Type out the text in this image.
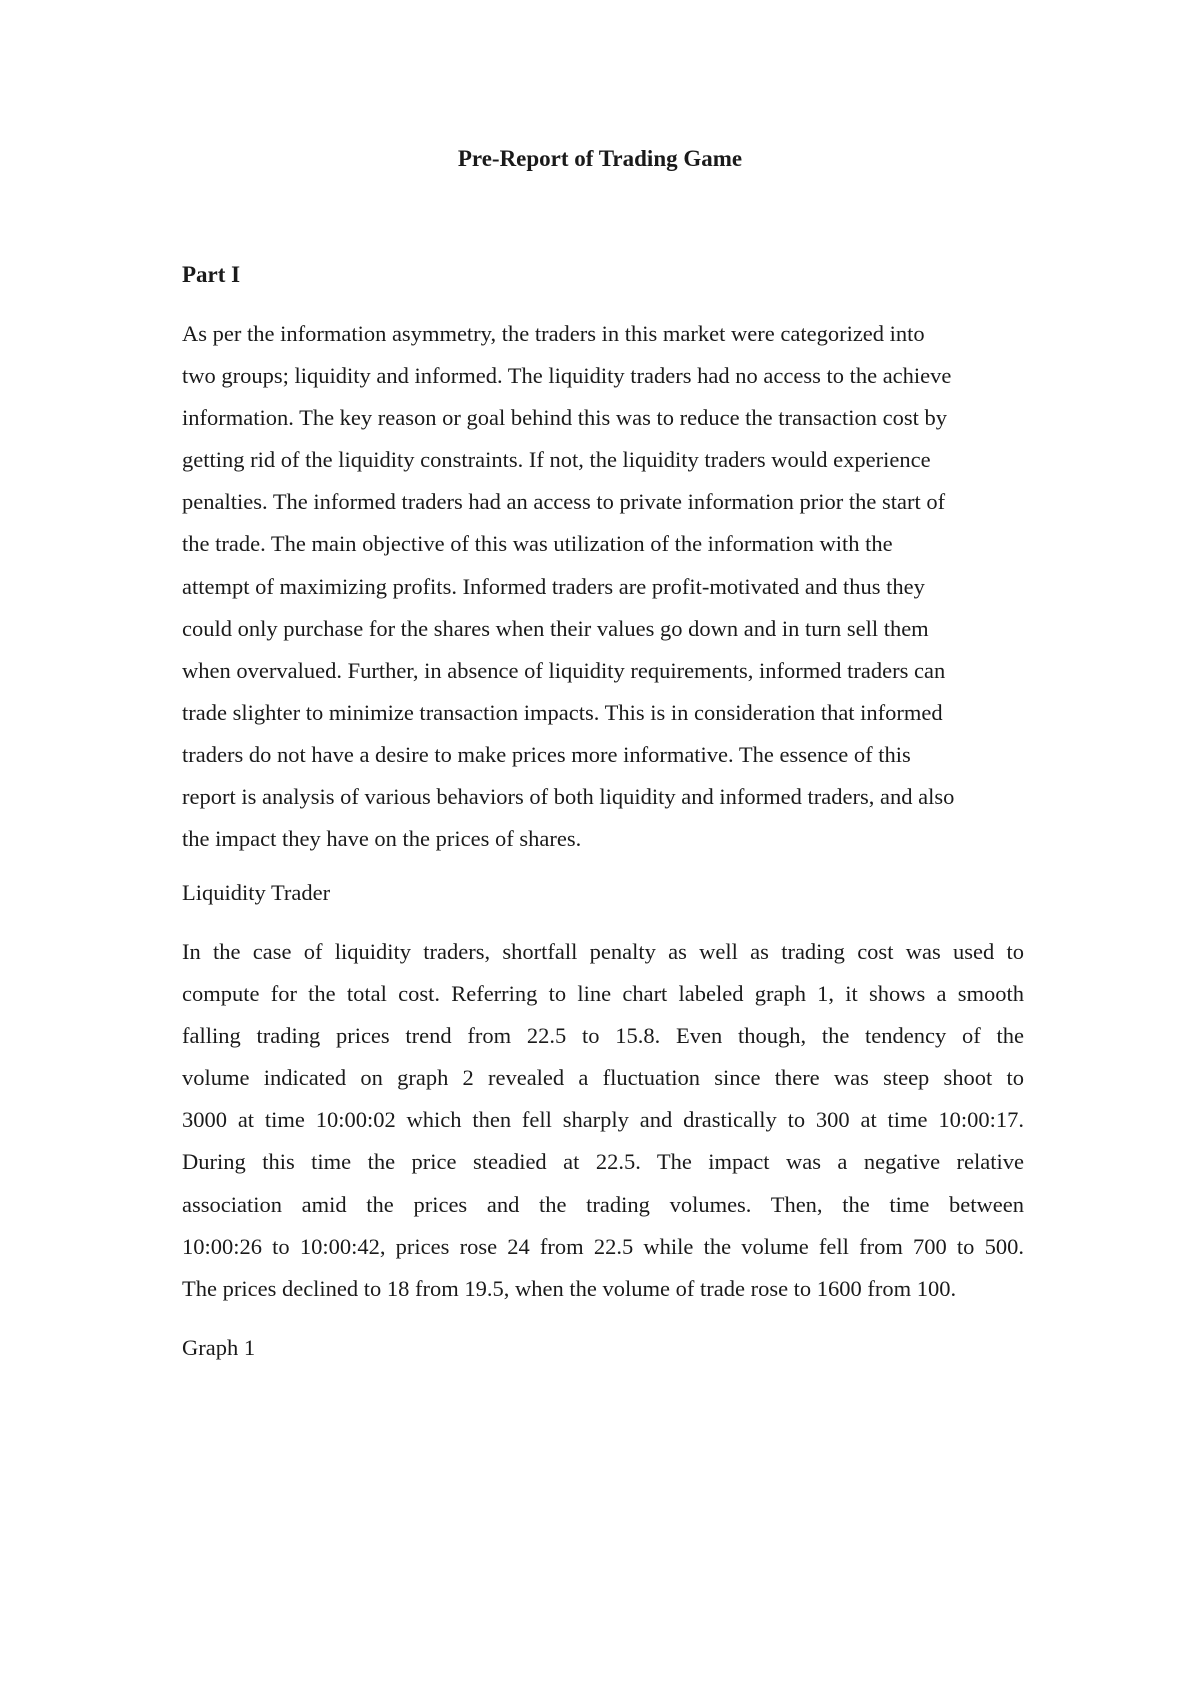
Pre-Report of Trading Game
Part I
As per the information asymmetry, the traders in this market were categorized into
two groups; liquidity and informed. The liquidity traders had no access to the achieve
information. The key reason or goal behind this was to reduce the transaction cost by
getting rid of the liquidity constraints. If not, the liquidity traders would experience
penalties. The informed traders had an access to private information prior the start of
the trade. The main objective of this was utilization of the information with the
attempt of maximizing profits. Informed traders are profit-motivated and thus they
could only purchase for the shares when their values go down and in turn sell them
when overvalued. Further, in absence of liquidity requirements, informed traders can
trade slighter to minimize transaction impacts. This is in consideration that informed
traders do not have a desire to make prices more informative. The essence of this
report is analysis of various behaviors of both liquidity and informed traders, and also
the impact they have on the prices of shares.
Liquidity Trader
In the case of liquidity traders, shortfall penalty as well as trading cost was used to
compute for the total cost. Referring to line chart labeled graph 1, it shows a smooth
falling trading prices trend from 22.5 to 15.8. Even though, the tendency of the
volume indicated on graph 2 revealed a fluctuation since there was steep shoot to
3000 at time 10:00:02 which then fell sharply and drastically to 300 at time 10:00:17.
During this time the price steadied at 22.5. The impact was a negative relative
association amid the prices and the trading volumes. Then, the time between
10:00:26 to 10:00:42, prices rose 24 from 22.5 while the volume fell from 700 to 500.
The prices declined to 18 from 19.5, when the volume of trade rose to 1600 from 100.
Graph 1
